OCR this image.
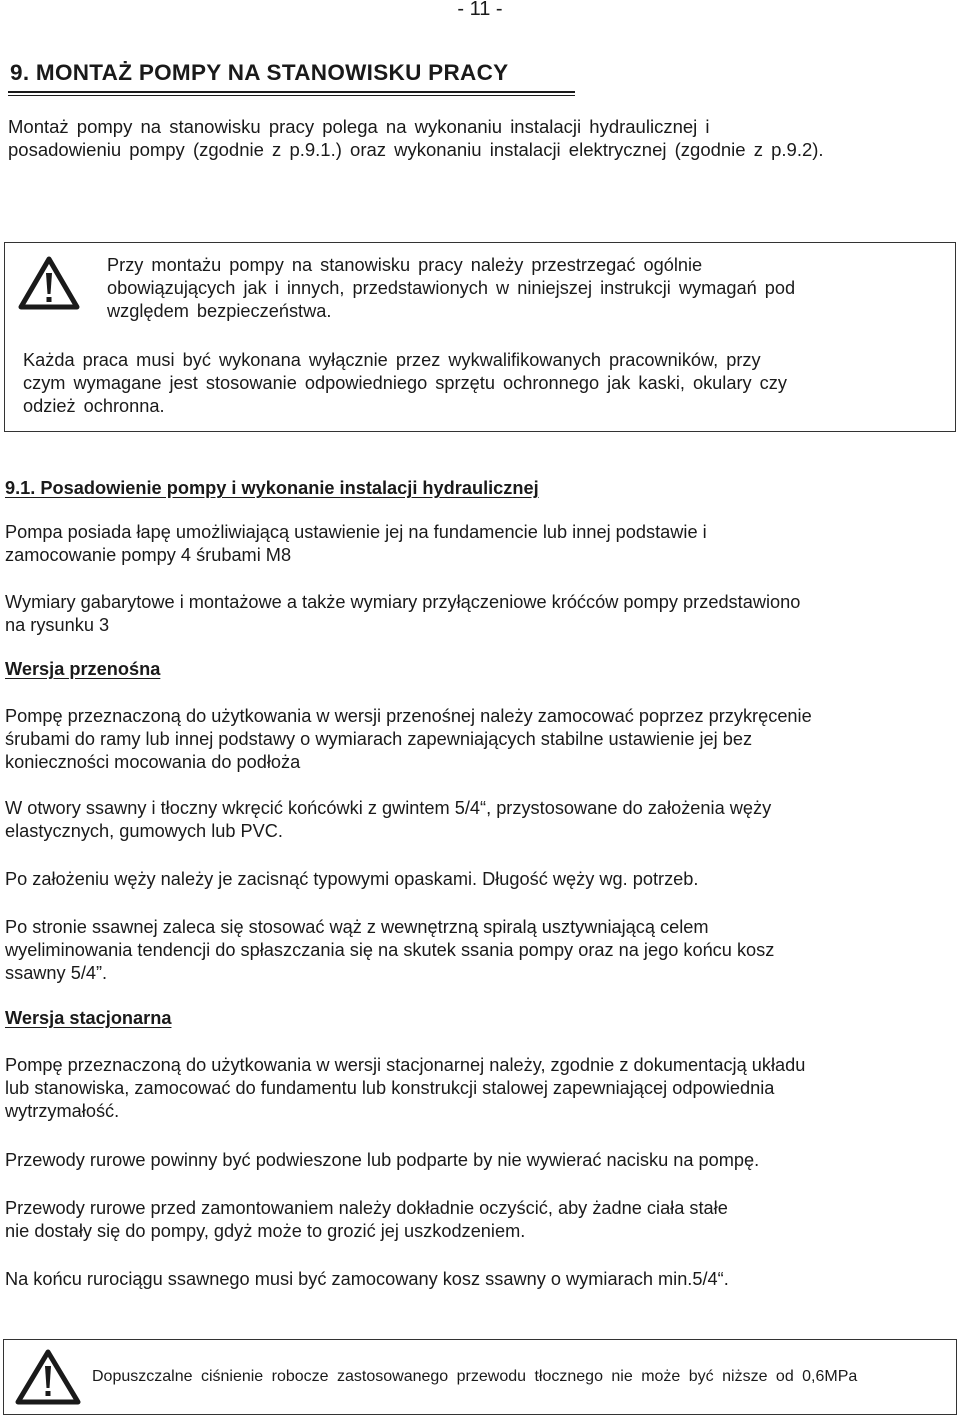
- 11 -
9. MONTAŻ POMPY NA STANOWISKU PRACY
Montaż pompy na stanowisku pracy polega na wykonaniu instalacji hydraulicznej i
posadowieniu pompy (zgodnie z p.9.1.) oraz wykonaniu instalacji elektrycznej (zgodnie z p.9.2).
Przy montażu pompy na stanowisku pracy należy przestrzegać ogólnie
obowiązujących jak i innych, przedstawionych w niniejszej instrukcji wymagań pod
względem bezpieczeństwa.
Każda praca musi być wykonana wyłącznie przez wykwalifikowanych pracowników, przy
czym wymagane jest stosowanie odpowiedniego sprzętu ochronnego jak kaski, okulary czy
odzież ochronna.
9.1. Posadowienie pompy i wykonanie instalacji hydraulicznej
Pompa posiada łapę umożliwiającą ustawienie jej na fundamencie lub innej podstawie i
zamocowanie pompy 4 śrubami M8
Wymiary gabarytowe i montażowe a także wymiary przyłączeniowe króćców pompy przedstawiono
na rysunku 3
Wersja przenośna
Pompę przeznaczoną do użytkowania w wersji przenośnej należy zamocować poprzez przykręcenie
śrubami do ramy lub innej podstawy o wymiarach zapewniających stabilne ustawienie jej bez
konieczności mocowania do podłoża
W otwory ssawny i tłoczny wkręcić końcówki z gwintem 5/4“, przystosowane do założenia węży
elastycznych, gumowych lub PVC.
Po założeniu węży należy je zacisnąć typowymi opaskami. Długość węży wg. potrzeb.
Po stronie ssawnej zaleca się stosować wąż z wewnętrzną spiralą usztywniającą celem
wyeliminowania tendencji do spłaszczania się na skutek ssania pompy oraz na jego końcu kosz
ssawny 5/4”.
Wersja stacjonarna
Pompę przeznaczoną do użytkowania w wersji stacjonarnej należy, zgodnie z dokumentacją układu
lub stanowiska, zamocować do fundamentu lub konstrukcji stalowej zapewniającej odpowiednia
wytrzymałość.
Przewody rurowe powinny być podwieszone lub podparte by nie wywierać nacisku na pompę.
Przewody rurowe przed zamontowaniem należy dokładnie oczyścić, aby żadne ciała stałe
nie dostały się do pompy, gdyż może to grozić jej uszkodzeniem.
Na końcu rurociągu ssawnego musi być zamocowany kosz ssawny o wymiarach min.5/4“.
Dopuszczalne ciśnienie robocze zastosowanego przewodu tłocznego nie może być niższe od 0,6MPa
